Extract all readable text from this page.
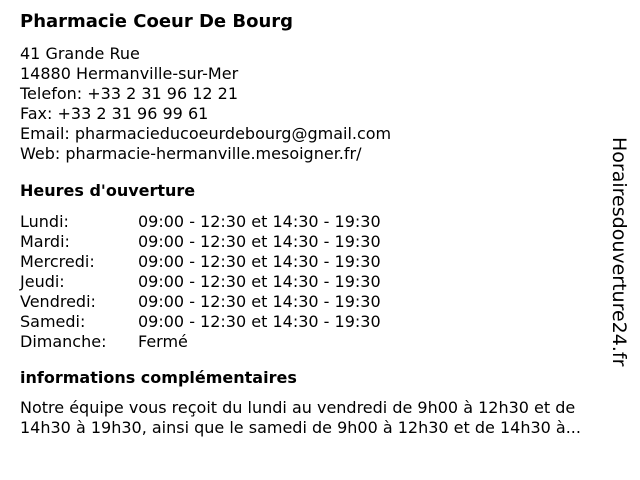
Pharmacie Coeur De Bourg
41 Grande Rue
14880 Hermanville-sur-Mer
Telefon: +33 2 31 96 12 21
Fax: +33 2 31 96 99 61
Email: pharmacieducoeurdebourg@gmail.com
Web: pharmacie-hermanville.mesoigner.fr/
Heures d'ouverture
Lundi:	09:00 - 12:30 et 14:30 - 19:30
Mardi:	09:00 - 12:30 et 14:30 - 19:30
Mercredi:	09:00 - 12:30 et 14:30 - 19:30
Jeudi:	09:00 - 12:30 et 14:30 - 19:30
Vendredi:	09:00 - 12:30 et 14:30 - 19:30
Samedi:	09:00 - 12:30 et 14:30 - 19:30
Dimanche:	Fermé
informations complémentaires
Notre équipe vous reçoit du lundi au vendredi de 9h00 à 12h30 et de
14h30 à 19h30, ainsi que le samedi de 9h00 à 12h30 et de 14h30 à...
Horairesdouverture24.fr
